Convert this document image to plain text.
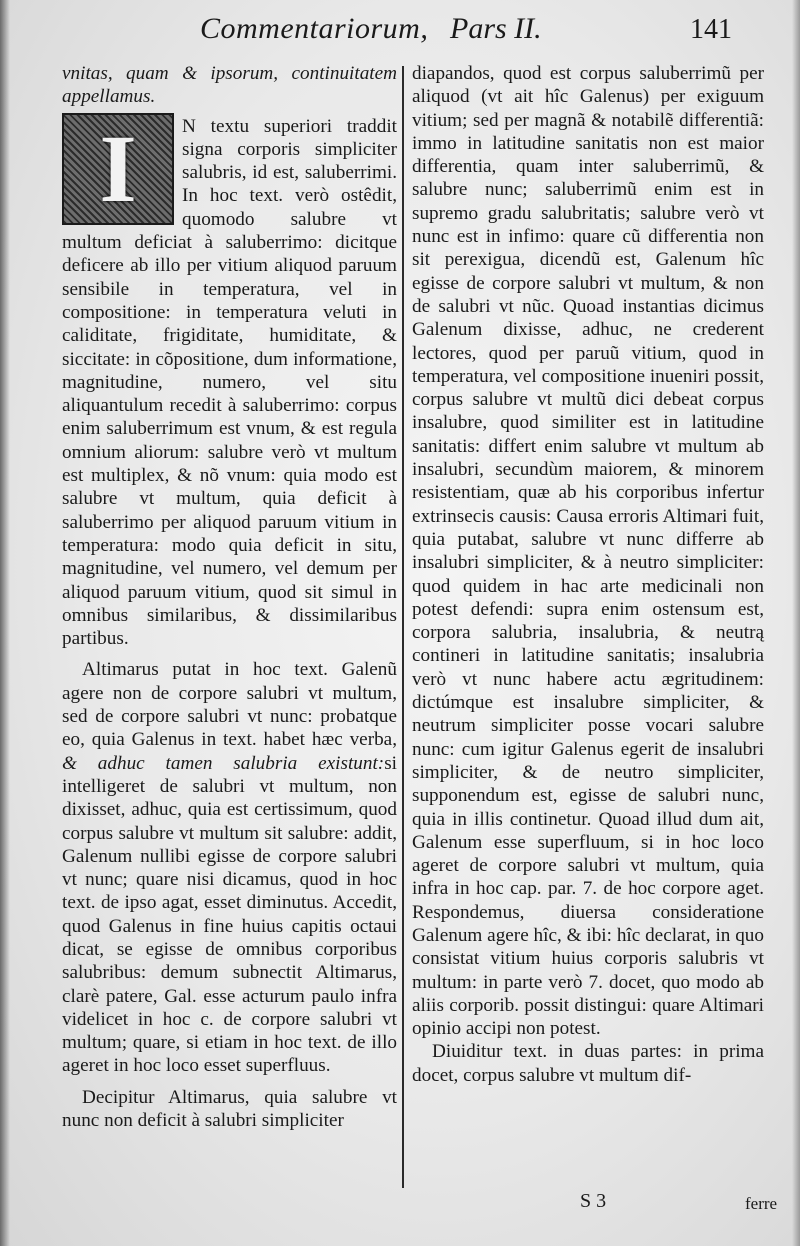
Commentariorum, Pars II.	141

vnitas, quam & ipsorum, continuitatem appellamus.

I	N textu superiori traddit signa corporis simpliciter salubris, id est, saluberrimi. In hoc text. verò ostêdit, quomodo salubre vt multum deficiat à saluberrimo: dicitque deficere ab illo per vitium aliquod paruum sensibile in temperatura, vel in compositione: in temperatura veluti in caliditate, frigiditate, humiditate, & siccitate: in cõpositione, dum informatione, magnitudine, numero, vel situ aliquantulum recedit à saluberrimo: corpus enim saluberrimum est vnum, & est regula omnium aliorum: salubre verò vt multum est multiplex, & nõ vnum: quia modo est salubre vt multum, quia deficit à saluberrimo per aliquod paruum vitium in temperatura: modo quia deficit in situ, magnitudine, vel numero, vel demum per aliquod paruum vitium, quod sit simul in omnibus similaribus, & dissimilaribus partibus.

Altimarus putat in hoc text. Galenũ agere non de corpore salubri vt multum, sed de corpore salubri vt nunc: probatque eo, quia Galenus in text. habet hæc verba, & adhuc tamen salubria existunt:si intelligeret de salubri vt multum, non dixisset, adhuc, quia est certissimum, quod corpus salubre vt multum sit salubre: addit, Galenum nullibi egisse de corpore salubri vt nunc; quare nisi dicamus, quod in hoc text. de ipso agat, esset diminutus. Accedit, quod Galenus in fine huius capitis octaui dicat, se egisse de omnibus corporibus salubribus: demum subnectit Altimarus, clarè patere, Gal. esse acturum paulo infra videlicet in hoc c. de corpore salubri vt multum; quare, si etiam in hoc text. de illo ageret in hoc loco esset superfluus.

Decipitur Altimarus, quia salubre vt nunc non deficit à salubri simpliciter

diapandos, quod est corpus saluberrimũ per aliquod (vt ait hîc Galenus) per exiguum vitium; sed per magnã & notabilẽ differentiã: immo in latitudine sanitatis non est maior differentia, quam inter saluberrimũ, & salubre nunc; saluberrimũ enim est in supremo gradu salubritatis; salubre verò vt nunc est in infimo: quare cũ differentia non sit perexigua, dicendũ est, Galenum hîc egisse de corpore salubri vt multum, & non de salubri vt nũc. Quoad instantias dicimus Galenum dixisse, adhuc, ne crederent lectores, quod per paruũ vitium, quod in temperatura, vel compositione inueniri possit, corpus salubre vt multũ dici debeat corpus insalubre, quod similiter est in latitudine sanitatis: differt enim salubre vt multum ab insalubri, secundùm maiorem, & minorem resistentiam, quæ ab his corporibus infertur extrinsecis causis: Causa erroris Altimari fuit, quia putabat, salubre vt nunc differre ab insalubri simpliciter, & à neutro simpliciter: quod quidem in hac arte medicinali non potest defendi: supra enim ostensum est, corpora salubria, insalubria, & neutrą contineri in latitudine sanitatis; insalubria verò vt nunc habere actu ægritudinem: dictúmque est insalubre simpliciter, & neutrum simpliciter posse vocari salubre nunc: cum igitur Galenus egerit de insalubri simpliciter, & de neutro simpliciter, supponendum est, egisse de salubri nunc, quia in illis continetur. Quoad illud dum ait, Galenum esse superfluum, si in hoc loco ageret de corpore salubri vt multum, quia infra in hoc cap. par. 7. de hoc corpore aget. Respondemus, diuersa consideratione Galenum agere hîc, & ibi: hîc declarat, in quo consistat vitium huius corporis salubris vt multum: in parte verò 7. docet, quo modo ab aliis corporib. possit distingui: quare Altimari opinio accipi non potest.

Diuiditur text. in duas partes: in prima docet, corpus salubre vt multum dif-

S 3	ferre
